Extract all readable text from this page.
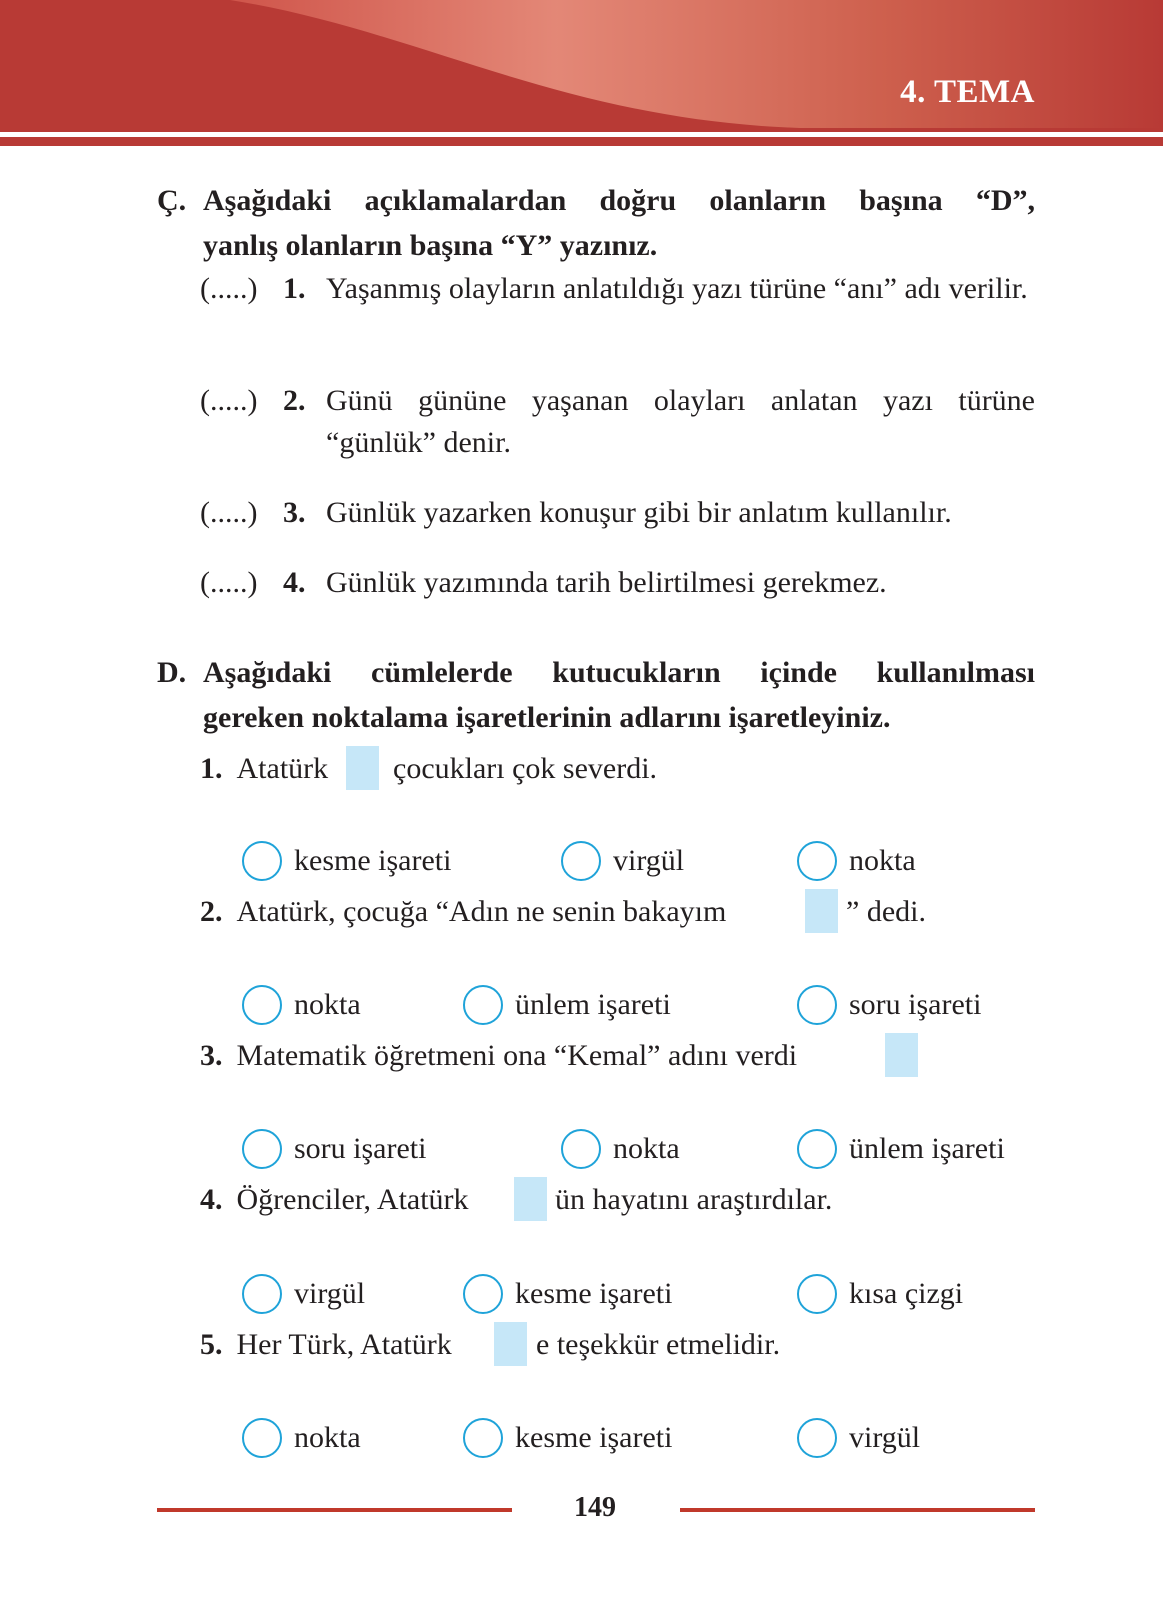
4. TEMA
Ç. Aşağıdaki açıklamalardan doğru olanların başına “D”,
yanlış olanların başına “Y” yazınız.
(.....) 1. Yaşanmış olayların anlatıldığı yazı türüne “anı” adı verilir.
(.....) 2. Günü gününe yaşanan olayları anlatan yazı türüne “günlük” denir.
(.....) 3. Günlük yazarken konuşur gibi bir anlatım kullanılır.
(.....) 4. Günlük yazımında tarih belirtilmesi gerekmez.
D. Aşağıdaki cümlelerde kutucukların içinde kullanılması
gereken noktalama işaretlerinin adlarını işaretleyiniz.
1. Atatürk çocukları çok severdi.
kesme işareti	virgül	nokta
2. Atatürk, çocuğa “Adın ne senin bakayım	” dedi.
nokta	ünlem işareti	soru işareti
3. Matematik öğretmeni ona “Kemal” adını verdi
soru işareti	nokta	ünlem işareti
4. Öğrenciler, Atatürk	ün hayatını araştırdılar.
virgül	kesme işareti	kısa çizgi
5. Her Türk, Atatürk	e teşekkür etmelidir.
nokta	kesme işareti	virgül
149
